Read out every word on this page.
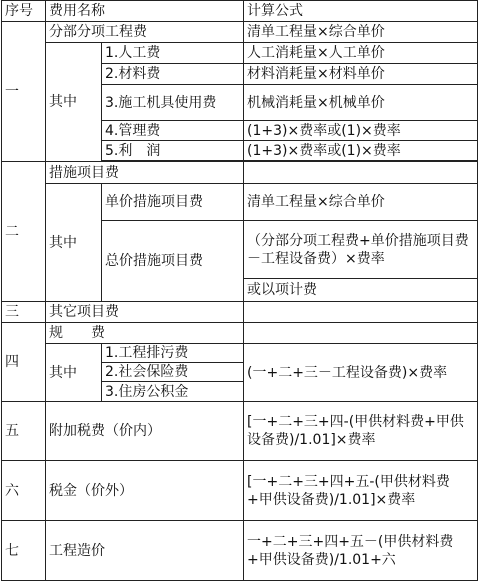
序号	费用名称		计算公式
一	分部分项工程费		清单工程量×综合单价
	其中	1.人工费	人工消耗量×人工单价
		2.材料费	材料消耗量×材料单价
		3.施工机具使用费	机械消耗量×机械单价
		4.管理费	(1+3)×费率或(1)×费率
		5.利　润	(1+3)×费率或(1)×费率

二	措施项目费		
	其中	单价措施项目费	清单工程量×综合单价
		总价措施项目费	（分部分项工程费+单价措施项目费－工程设备费）×费率
			或以项计费
三	其它项目费		
四	规　　费		
	其中	1.工程排污费	(一+二+三－工程设备费)×费率
		2.社会保险费	
		3.住房公积金	
五	附加税费（价内）		[一+二+三+四-(甲供材料费+甲供设备费)/1.01]×费率
六	税金（价外）		[一+二+三+四+五-(甲供材料费+甲供设备费)/1.01]×费率
七	工程造价		一+二+三+四+五－(甲供材料费+甲供设备费)/1.01+六
